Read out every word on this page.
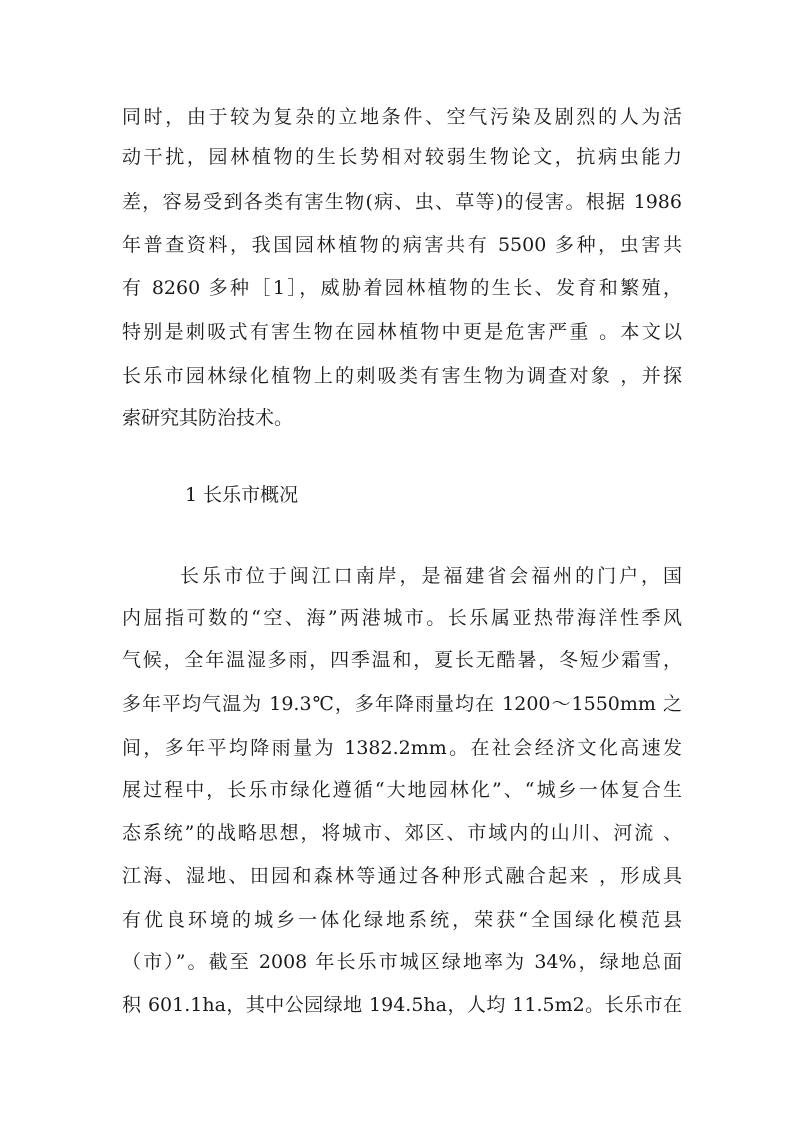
同时，由于较为复杂的立地条件、空气污染及剧烈的人为活
动干扰，园林植物的生长势相对较弱生物论文，抗病虫能力
差，容易受到各类有害生物(病、虫、草等)的侵害。根据 1986
年普查资料，我国园林植物的病害共有 5500 多种，虫害共
有 8260 多种［1］，威胁着园林植物的生长、发育和繁殖，
特别是刺吸式有害生物在园林植物中更是危害严重 。本文以
长乐市园林绿化植物上的刺吸类有害生物为调查对象 ，并探
索研究其防治技术。
1 长乐市概况
长乐市位于闽江口南岸，是福建省会福州的门户，国
内屈指可数的“空、海”两港城市。长乐属亚热带海洋性季风
气候，全年温湿多雨，四季温和，夏长无酷暑，冬短少霜雪，
多年平均气温为 19.3℃，多年降雨量均在 1200～1550mm 之
间，多年平均降雨量为 1382.2mm。在社会经济文化高速发
展过程中，长乐市绿化遵循“大地园林化”、“城乡一体复合生
态系统”的战略思想，将城市、郊区、市域内的山川、河流 、
江海、湿地、田园和森林等通过各种形式融合起来 ，形成具
有优良环境的城乡一体化绿地系统，荣获“全国绿化模范县
（市）”。截至 2008 年长乐市城区绿地率为 34%，绿地总面
积 601.1ha，其中公园绿地 194.5ha，人均 11.5m2。长乐市在
